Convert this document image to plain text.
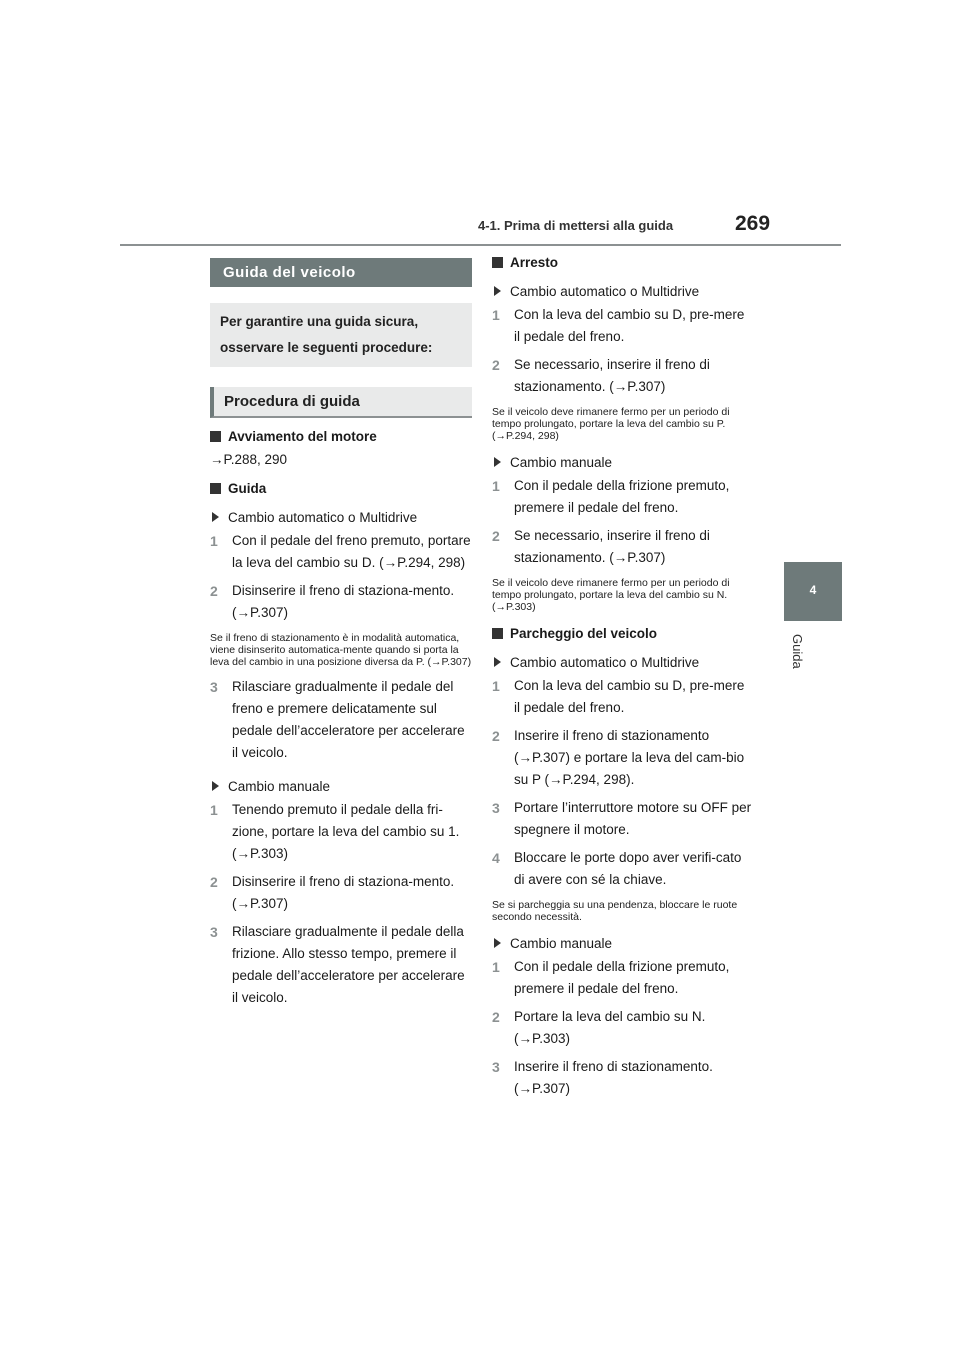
4-1. Prima di mettersi alla guida	269
4
Guida
Guida del veicolo
Per garantire una guida sicura, osservare le seguenti procedure:
Procedura di guida
Avviamento del motore
→P.288, 290
Guida
Cambio automatico o Multidrive
1	Con il pedale del freno premuto, portare la leva del cambio su D. (→P.294, 298)
2	Disinserire il freno di staziona-mento. (→P.307)
Se il freno di stazionamento è in modalità automatica, viene disinserito automatica-mente quando si porta la leva del cambio in una posizione diversa da P. (→P.307)
3	Rilasciare gradualmente il pedale del freno e premere delicatamente sul pedale dell’acceleratore per accelerare il veicolo.
Cambio manuale
1	Tenendo premuto il pedale della fri-zione, portare la leva del cambio su 1. (→P.303)
2	Disinserire il freno di staziona-mento. (→P.307)
3	Rilasciare gradualmente il pedale della frizione. Allo stesso tempo, premere il pedale dell’acceleratore per accelerare il veicolo.
Arresto
Cambio automatico o Multidrive
1	Con la leva del cambio su D, pre-mere il pedale del freno.
2	Se necessario, inserire il freno di stazionamento. (→P.307)
Se il veicolo deve rimanere fermo per un periodo di tempo prolungato, portare la leva del cambio su P. (→P.294, 298)
Cambio manuale
1	Con il pedale della frizione premuto, premere il pedale del freno.
2	Se necessario, inserire il freno di stazionamento. (→P.307)
Se il veicolo deve rimanere fermo per un periodo di tempo prolungato, portare la leva del cambio su N. (→P.303)
Parcheggio del veicolo
Cambio automatico o Multidrive
1	Con la leva del cambio su D, pre-mere il pedale del freno.
2	Inserire il freno di stazionamento (→P.307) e portare la leva del cam-bio su P (→P.294, 298).
3	Portare l’interruttore motore su OFF per spegnere il motore.
4	Bloccare le porte dopo aver verifi-cato di avere con sé la chiave.
Se si parcheggia su una pendenza, bloccare le ruote secondo necessità.
Cambio manuale
1	Con il pedale della frizione premuto, premere il pedale del freno.
2	Portare la leva del cambio su N. (→P.303)
3	Inserire il freno di stazionamento. (→P.307)
